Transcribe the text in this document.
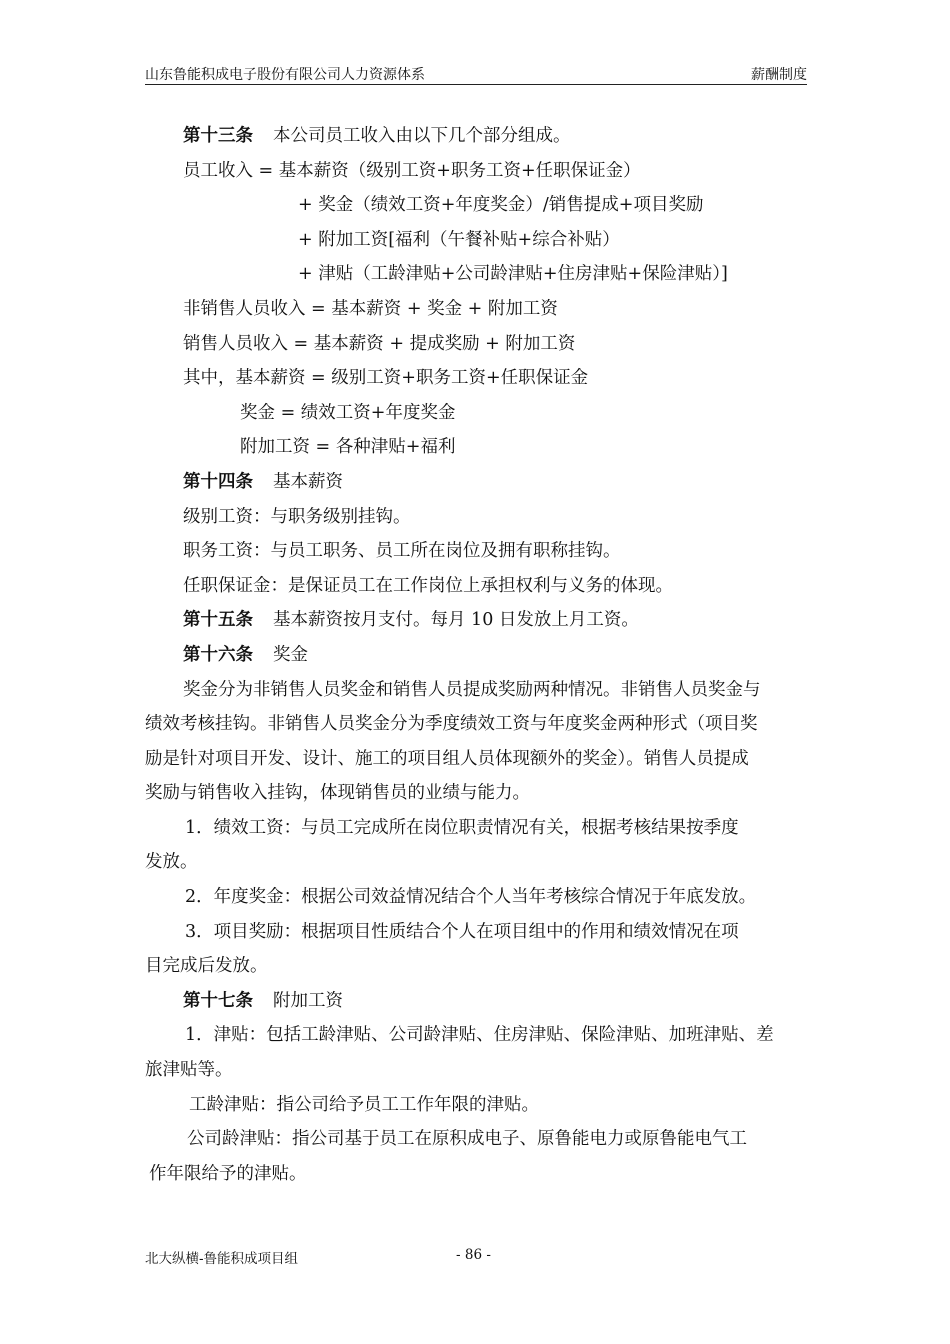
山东鲁能积成电子股份有限公司人力资源体系	薪酬制度
第十三条 本公司员工收入由以下几个部分组成。
员工收入 = 基本薪资（级别工资+职务工资+任职保证金）
+ 奖金（绩效工资+年度奖金）/销售提成+项目奖励
+ 附加工资[福利（午餐补贴+综合补贴）
+ 津贴（工龄津贴+公司龄津贴+住房津贴+保险津贴）]
非销售人员收入 = 基本薪资 + 奖金 + 附加工资
销售人员收入 = 基本薪资 + 提成奖励 + 附加工资
其中，基本薪资 = 级别工资+职务工资+任职保证金
奖金 = 绩效工资+年度奖金
附加工资 = 各种津贴+福利
第十四条 基本薪资
级别工资：与职务级别挂钩。
职务工资：与员工职务、员工所在岗位及拥有职称挂钩。
任职保证金：是保证员工在工作岗位上承担权利与义务的体现。
第十五条 基本薪资按月支付。每月 10 日发放上月工资。
第十六条 奖金
奖金分为非销售人员奖金和销售人员提成奖励两种情况。非销售人员奖金与
绩效考核挂钩。非销售人员奖金分为季度绩效工资与年度奖金两种形式（项目奖
励是针对项目开发、设计、施工的项目组人员体现额外的奖金）。销售人员提成
奖励与销售收入挂钩，体现销售员的业绩与能力。
1．绩效工资：与员工完成所在岗位职责情况有关，根据考核结果按季度
发放。
2．年度奖金：根据公司效益情况结合个人当年考核综合情况于年底发放。
3．项目奖励：根据项目性质结合个人在项目组中的作用和绩效情况在项
目完成后发放。
第十七条 附加工资
1．津贴：包括工龄津贴、公司龄津贴、住房津贴、保险津贴、加班津贴、差
旅津贴等。
工龄津贴：指公司给予员工工作年限的津贴。
公司龄津贴：指公司基于员工在原积成电子、原鲁能电力或原鲁能电气工
作年限给予的津贴。
北大纵横-鲁能积成项目组	- 86 -
